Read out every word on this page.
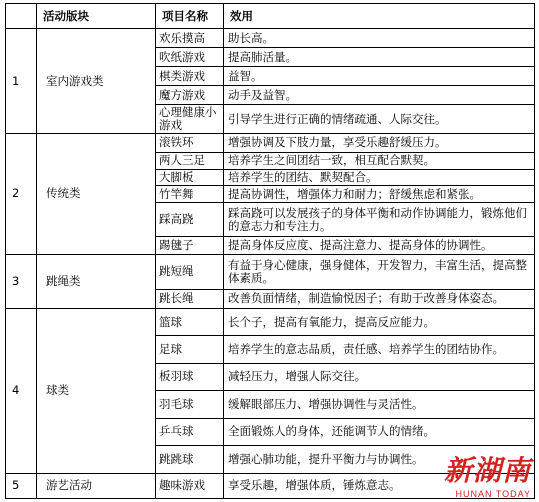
	活动版块	项目名称	效用
1	室内游戏类	欢乐摸高	助长高。
		吹纸游戏	提高肺活量。
		棋类游戏	益智。
		魔方游戏	动手及益智。
		心理健康小游戏	引导学生进行正确的情绪疏通、人际交往。
2	传统类	滚铁环	增强协调及下肢力量，享受乐趣舒缓压力。
		两人三足	培养学生之间团结一致，相互配合默契。
		大脚板	培养学生的团结、默契配合。
		竹竿舞	提高协调性，增强体力和耐力；舒缓焦虑和紧张。
		踩高跷	踩高跷可以发展孩子的身体平衡和动作协调能力，锻炼他们的意志力和专注力。
		踢毽子	提高身体反应度、提高注意力、提高身体的协调性。
3	跳绳类	跳短绳	有益于身心健康，强身健体，开发智力，丰富生活，提高整体素质。
		跳长绳	改善负面情绪，制造愉悦因子；有助于改善身体姿态。
4	球类	篮球	长个子，提高有氧能力，提高反应能力。
		足球	培养学生的意志品质，责任感、培养学生的团结协作。
		板羽球	减轻压力，增强人际交往。
		羽毛球	缓解眼部压力、增强协调性与灵活性。
		乒乓球	全面锻炼人的身体，还能调节人的情绪。
		跳跳球	增强心肺功能，提升平衡力与协调性。
5	游艺活动	趣味游戏	享受乐趣，增强体质，锤炼意志。 新湖南
HUNAN TODAY
